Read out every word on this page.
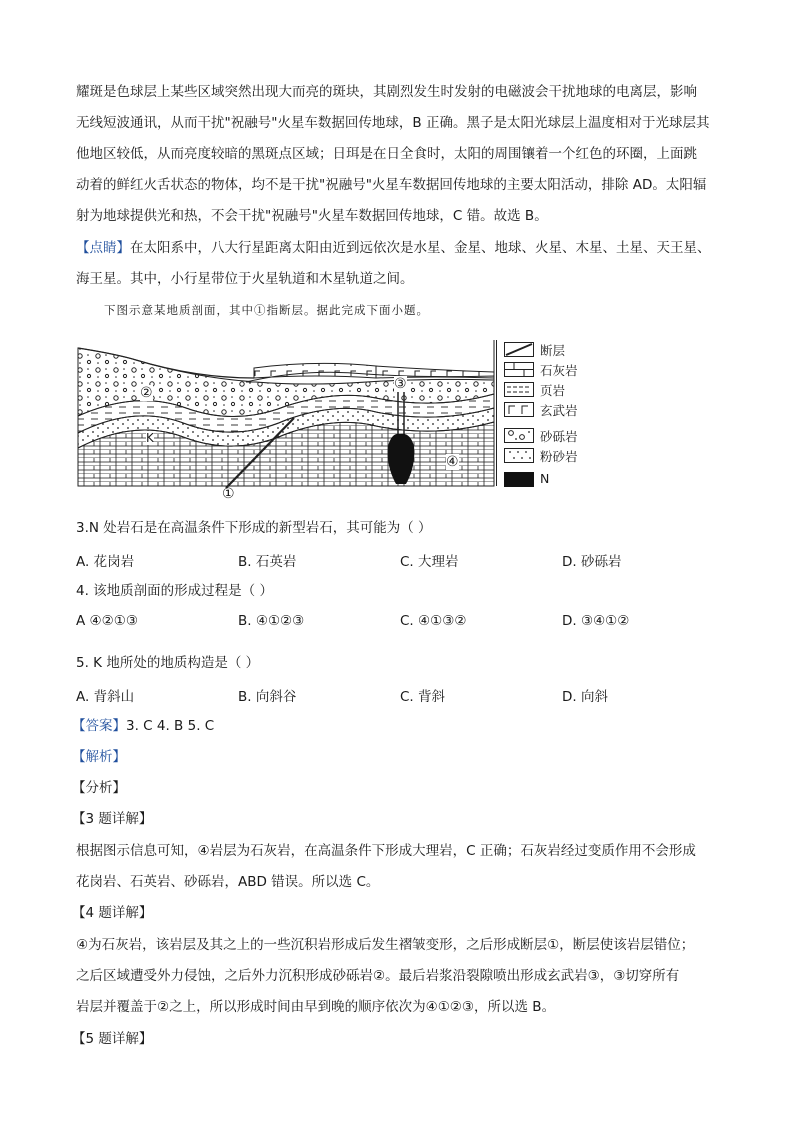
耀斑是色球层上某些区域突然出现大而亮的斑块，其剧烈发生时发射的电磁波会干扰地球的电离层，影响
无线短波通讯，从而干扰"祝融号"火星车数据回传地球，B 正确。黑子是太阳光球层上温度相对于光球层其
他地区较低，从而亮度较暗的黑斑点区域；日珥是在日全食时，太阳的周围镶着一个红色的环圈，上面跳
动着的鲜红火舌状态的物体，均不是干扰"祝融号"火星车数据回传地球的主要太阳活动，排除 AD。太阳辐
射为地球提供光和热，不会干扰"祝融号"火星车数据回传地球，C 错。故选 B。
【点睛】在太阳系中，八大行星距离太阳由近到远依次是水星、金星、地球、火星、木星、土星、天王星、
海王星。其中，小行星带位于火星轨道和木星轨道之间。
下图示意某地质剖面，其中①指断层。据此完成下面小题。
②
③
④
①
K
断层
石灰岩
页岩
玄武岩
砂砾岩
粉砂岩
N
3.N 处岩石是在高温条件下形成的新型岩石，其可能为（ ）
A. 花岗岩	B. 石英岩	C. 大理岩	D. 砂砾岩
4. 该地质剖面的形成过程是（ ）
A ④②①③	B. ④①②③	C. ④①③②	D. ③④①②
5. K 地所处的地质构造是（ ）
A. 背斜山	B. 向斜谷	C. 背斜	D. 向斜
【答案】3. C 4. B 5. C
【解析】
【分析】
【3 题详解】
根据图示信息可知，④岩层为石灰岩，在高温条件下形成大理岩，C 正确；石灰岩经过变质作用不会形成
花岗岩、石英岩、砂砾岩，ABD 错误。所以选 C。
【4 题详解】
④为石灰岩，该岩层及其之上的一些沉积岩形成后发生褶皱变形，之后形成断层①，断层使该岩层错位；
之后区域遭受外力侵蚀，之后外力沉积形成砂砾岩②。最后岩浆沿裂隙喷出形成玄武岩③，③切穿所有
岩层并覆盖于②之上，所以形成时间由早到晚的顺序依次为④①②③，所以选 B。
【5 题详解】
